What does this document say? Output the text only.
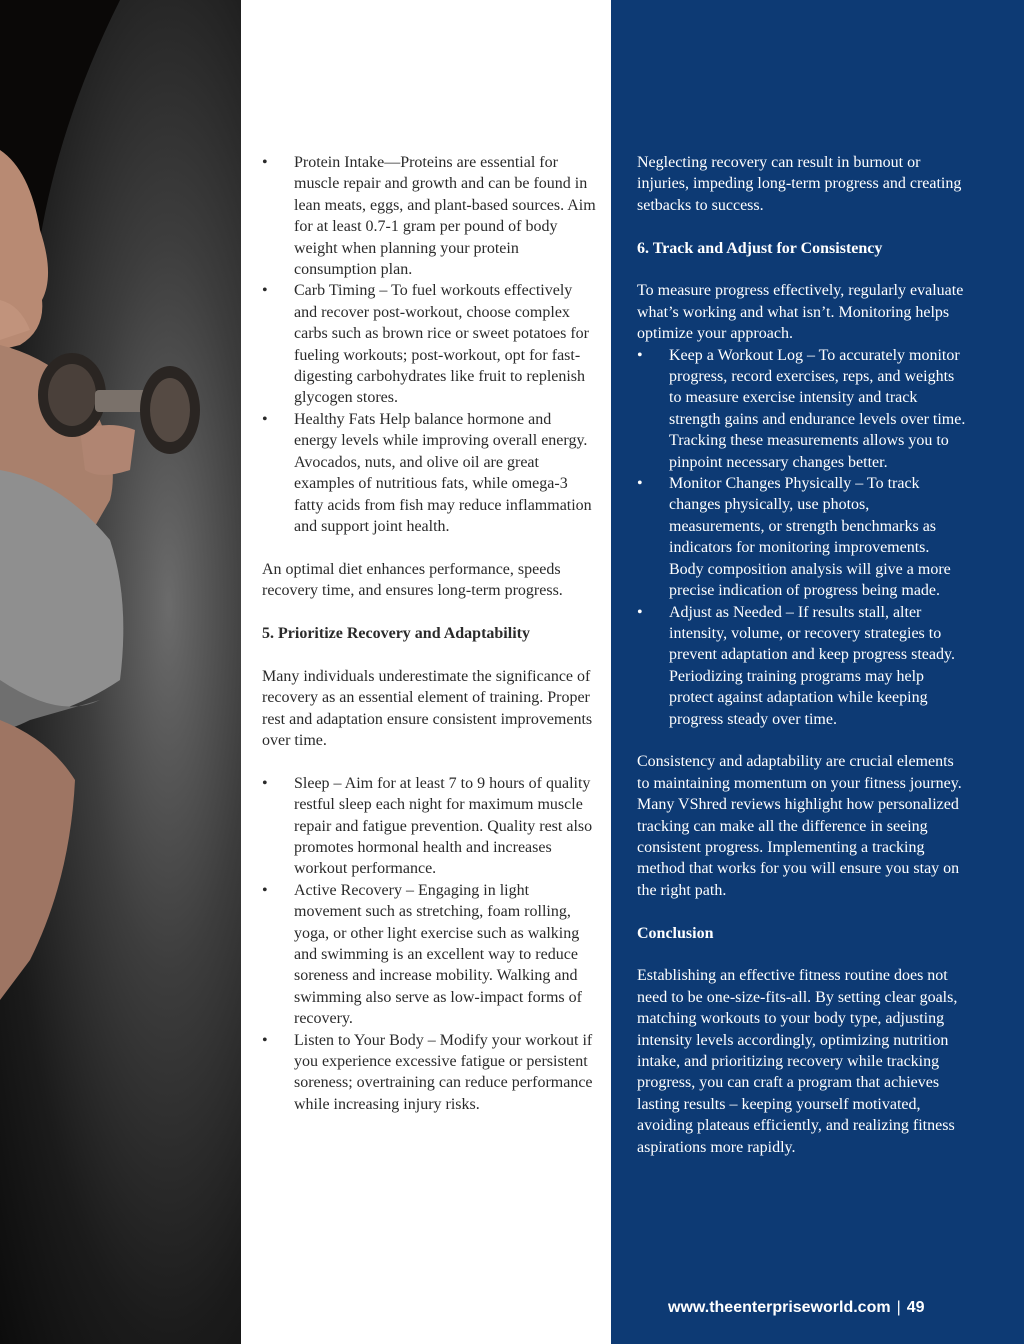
• Protein Intake—Proteins are essential for muscle repair and growth and can be found in lean meats, eggs, and plant-based sources. Aim for at least 0.7-1 gram per pound of body weight when planning your protein consumption plan.
• Carb Timing – To fuel workouts effectively and recover post-workout, choose complex carbs such as brown rice or sweet potatoes for fueling workouts; post-workout, opt for fast-digesting carbohydrates like fruit to replenish glycogen stores.
• Healthy Fats Help balance hormone and energy levels while improving overall energy. Avocados, nuts, and olive oil are great examples of nutritious fats, while omega-3 fatty acids from fish may reduce inflammation and support joint health.

An optimal diet enhances performance, speeds recovery time, and ensures long-term progress.

5. Prioritize Recovery and Adaptability

Many individuals underestimate the significance of recovery as an essential element of training. Proper rest and adaptation ensure consistent improvements over time.

• Sleep – Aim for at least 7 to 9 hours of quality restful sleep each night for maximum muscle repair and fatigue prevention. Quality rest also promotes hormonal health and increases workout performance.
• Active Recovery – Engaging in light movement such as stretching, foam rolling, yoga, or other light exercise such as walking and swimming is an excellent way to reduce soreness and increase mobility. Walking and swimming also serve as low-impact forms of recovery.
• Listen to Your Body – Modify your workout if you experience excessive fatigue or persistent soreness; overtraining can reduce performance while increasing injury risks.

Neglecting recovery can result in burnout or injuries, impeding long-term progress and creating setbacks to success.

6. Track and Adjust for Consistency

To measure progress effectively, regularly evaluate what’s working and what isn’t. Monitoring helps optimize your approach.

• Keep a Workout Log – To accurately monitor progress, record exercises, reps, and weights to measure exercise intensity and track strength gains and endurance levels over time. Tracking these measurements allows you to pinpoint necessary changes better.
• Monitor Changes Physically – To track changes physically, use photos, measurements, or strength benchmarks as indicators for monitoring improvements. Body composition analysis will give a more precise indication of progress being made.
• Adjust as Needed – If results stall, alter intensity, volume, or recovery strategies to prevent adaptation and keep progress steady. Periodizing training programs may help protect against adaptation while keeping progress steady over time.

Consistency and adaptability are crucial elements to maintaining momentum on your fitness journey. Many VShred reviews highlight how personalized tracking can make all the difference in seeing consistent progress. Implementing a tracking method that works for you will ensure you stay on the right path.

Conclusion

Establishing an effective fitness routine does not need to be one-size-fits-all. By setting clear goals, matching workouts to your body type, adjusting intensity levels accordingly, optimizing nutrition intake, and prioritizing recovery while tracking progress, you can craft a program that achieves lasting results – keeping yourself motivated, avoiding plateaus efficiently, and realizing fitness aspirations more rapidly.

www.theenterpriseworld.com | 49
